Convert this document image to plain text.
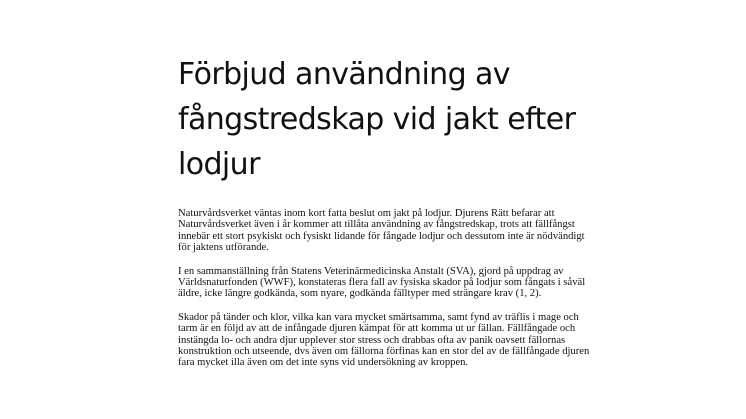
Förbjud användning av fångstredskap vid jakt efter lodjur

Naturvårdsverket väntas inom kort fatta beslut om jakt på lodjur. Djurens Rätt befarar att Naturvårdsverket även i år kommer att tillåta användning av fångstredskap, trots att fällfångst innebär ett stort psykiskt och fysiskt lidande för fångade lodjur och dessutom inte är nödvändigt för jaktens utförande.

I en sammanställning från Statens Veterinärmedicinska Anstalt (SVA), gjord på uppdrag av Världsnaturfonden (WWF), konstateras flera fall av fysiska skador på lodjur som fångats i såväl äldre, icke längre godkända, som nyare, godkända fälltyper med strängare krav (1, 2).

Skador på tänder och klor, vilka kan vara mycket smärtsamma, samt fynd av träflis i mage och tarm är en följd av att de infångade djuren kämpat för att komma ut ur fällan. Fällfångade och instängda lo- och andra djur upplever stor stress och drabbas ofta av panik oavsett fällornas konstruktion och utseende, dvs även om fällorna förfinas kan en stor del av de fällfångade djuren fara mycket illa även om det inte syns vid undersökning av kroppen.
